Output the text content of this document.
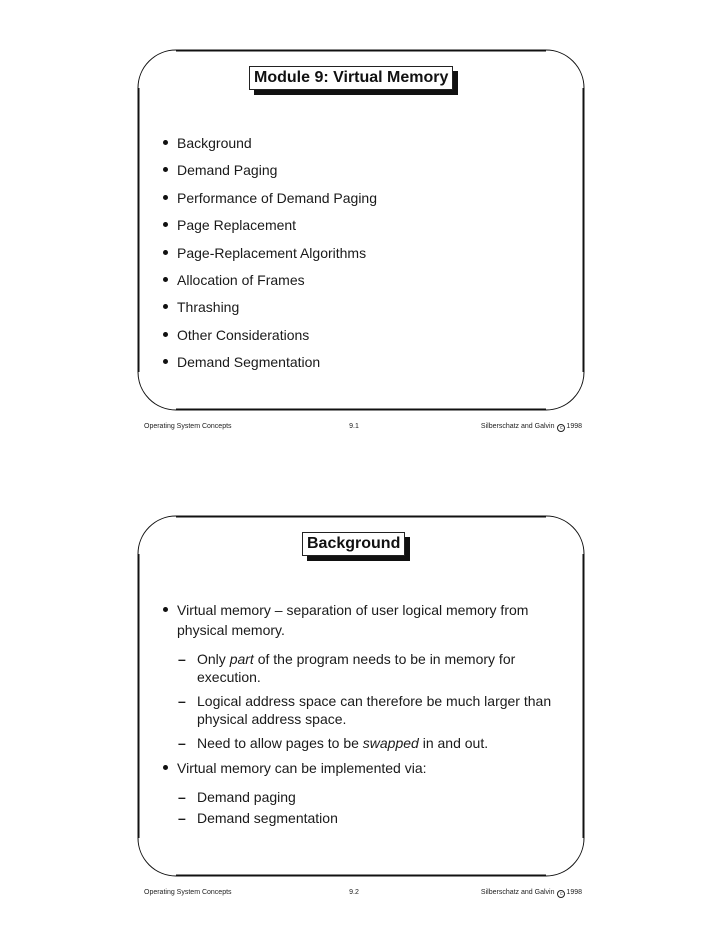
Module 9: Virtual Memory
Background
Demand Paging
Performance of Demand Paging
Page Replacement
Page-Replacement Algorithms
Allocation of Frames
Thrashing
Other Considerations
Demand Segmentation
Operating System Concepts	9.1	Silberschatz and Galvin c 1998
Background
Virtual memory – separation of user logical memory from physical memory.
– Only part of the program needs to be in memory for execution.
– Logical address space can therefore be much larger than physical address space.
– Need to allow pages to be swapped in and out.
Virtual memory can be implemented via:
– Demand paging
– Demand segmentation
Operating System Concepts	9.2	Silberschatz and Galvin c 1998
